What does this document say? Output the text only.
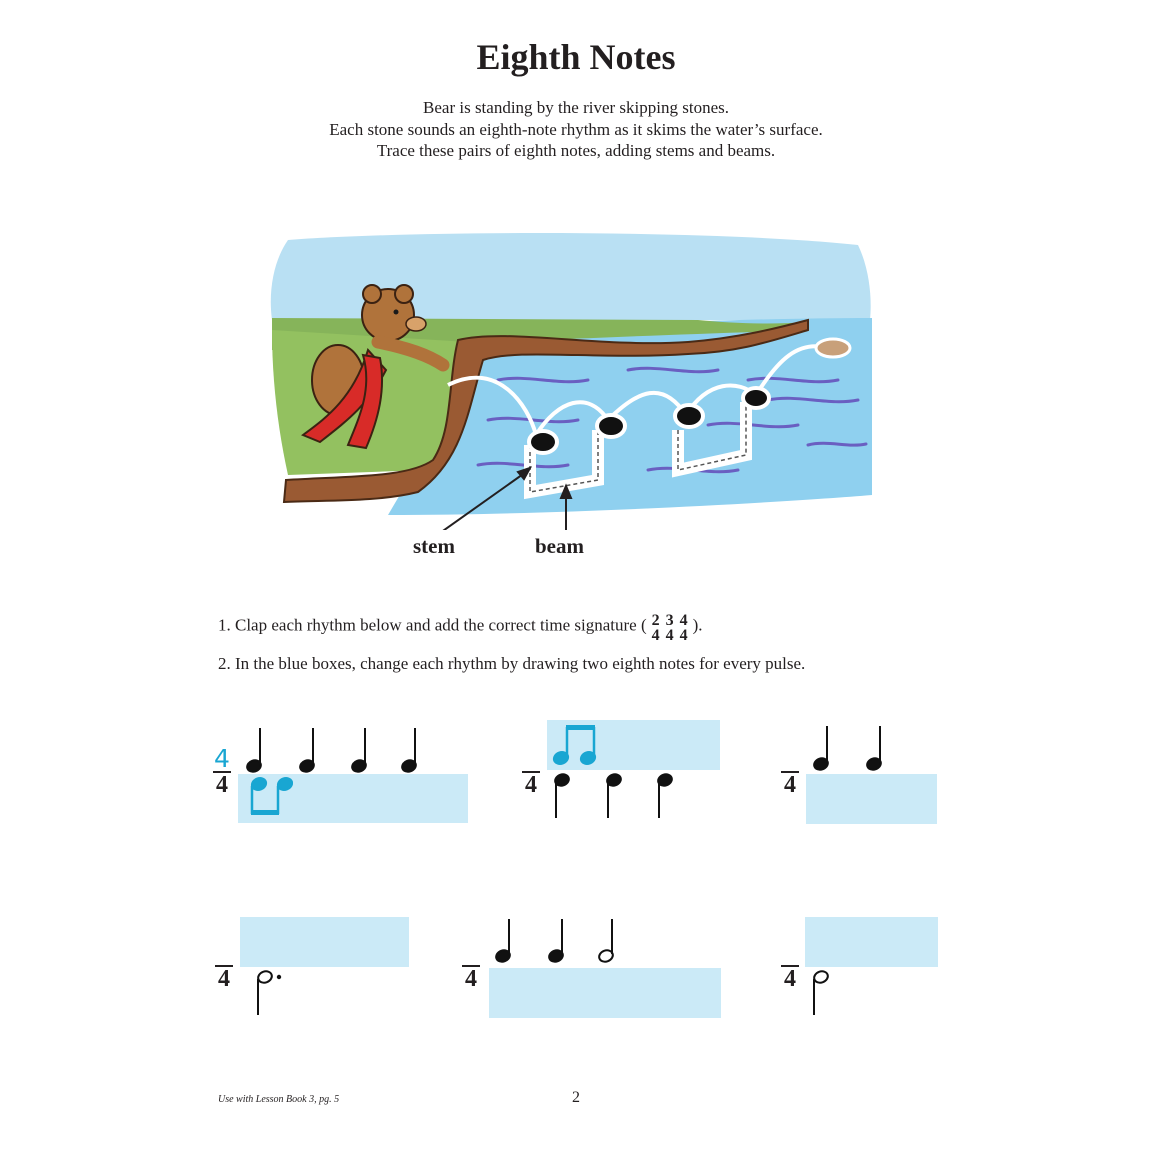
Eighth Notes
Bear is standing by the river skipping stones.
Each stone sounds an eighth-note rhythm as it skims the water’s surface.
Trace these pairs of eighth notes, adding stems and beams.
stem	beam
1. Clap each rhythm below and add the correct time signature ( 2
4
3
4
4
4
).
2. In the blue boxes, change each rhythm by drawing two eighth notes for every pulse.
4
4	4	4
4	4	4
Use with Lesson Book 3, pg. 5	2
